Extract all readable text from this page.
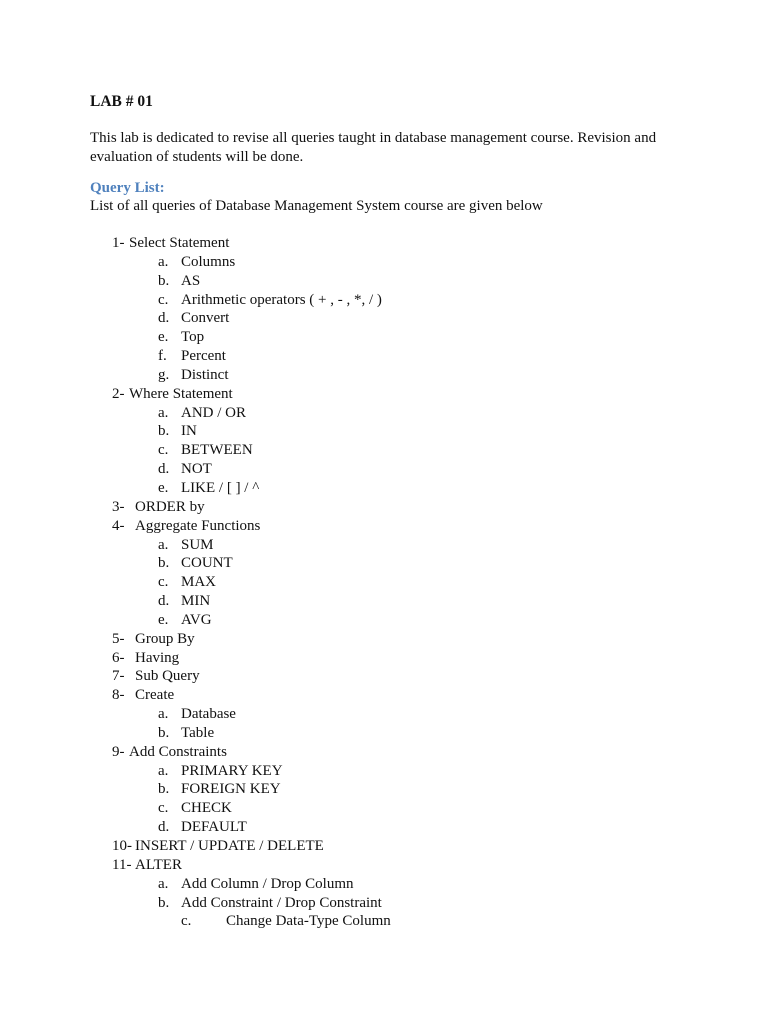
LAB # 01

This lab is dedicated to revise all queries taught in database management course. Revision and evaluation of students will be done.

Query List:

List of all queries of Database Management System course are given below

1- Select Statement
a. Columns
b. AS
c. Arithmetic operators ( + , - , *, / )
d. Convert
e. Top
f. Percent
g. Distinct
2- Where Statement
a. AND / OR
b. IN
c. BETWEEN
d. NOT
e. LIKE / [ ] / ^
3- ORDER by
4- Aggregate Functions
a. SUM
b. COUNT
c. MAX
d. MIN
e. AVG
5- Group By
6- Having
7- Sub Query
8- Create
a. Database
b. Table
9- Add Constraints
a. PRIMARY KEY
b. FOREIGN KEY
c. CHECK
d. DEFAULT
10- INSERT / UPDATE / DELETE
11- ALTER
a. Add Column / Drop Column
b. Add Constraint / Drop Constraint
c. Change Data-Type Column
